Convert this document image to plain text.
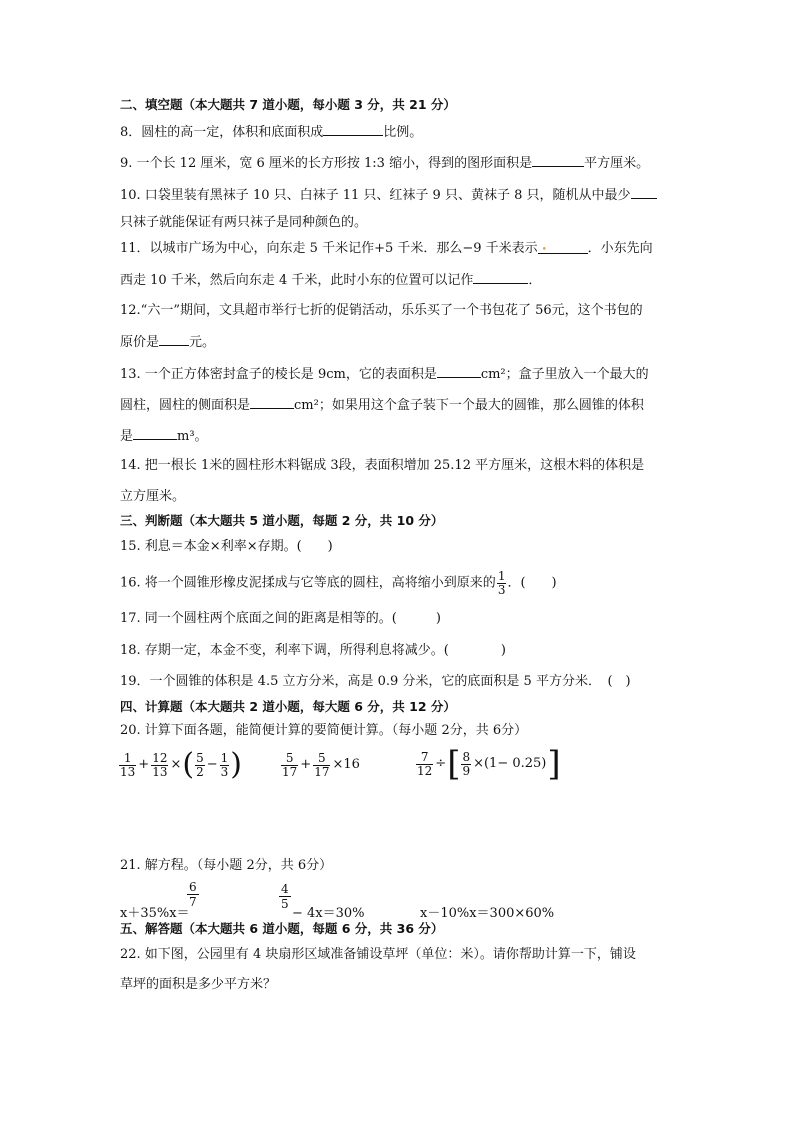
二、填空题（本大题共 7 道小题，每小题 3 分，共 21 分）
8．圆柱的高一定，体积和底面积成	比例。
9. 一个长 12 厘米，宽 6 厘米的长方形按 1:3 缩小，得到的图形面积是	平方厘米。
10. 口袋里装有黑袜子 10 只、白袜子 11 只、红袜子 9 只、黄袜子 8 只，随机从中最少
只袜子就能保证有两只袜子是同种颜色的。
11．以城市广场为中心，向东走 5 千米记作+5 千米．那么−9 千米表示 •	．小东先向
西走 10 千米，然后向东走 4 千米，此时小东的位置可以记作	．
12.“六一”期间，文具超市举行七折的促销活动，乐乐买了一个书包花了 56元，这个书包的
原价是 元。
13. 一个正方体密封盒子的棱长是 9cm，它的表面积是	cm²；盒子里放入一个最大的
圆柱，圆柱的侧面积是	cm²；如果用这个盒子装下一个最大的圆锥，那么圆锥的体积
是	m³。
14. 把一根长 1米的圆柱形木料锯成 3段，表面积增加 25.12 平方厘米，这根木料的体积是
立方厘米。
三、判断题（本大题共 5 道小题，每题 2 分，共 10 分）
15. 利息＝本金×利率×存期。(　　)
16. 将一个圆锥形橡皮泥揉成与它等底的圆柱，高将缩小到原来的 $\frac{1}{3}$ ．(　　)
17. 同一个圆柱两个底面之间的距离是相等的。(　　　)
18. 存期一定，本金不变，利率下调，所得利息将减少。(　　　　)
19．一个圆锥的体积是 4.5 立方分米，高是 0.9 分米，它的底面积是 5 平方分米．　(　)
四、计算题（本大题共 2 道小题，每大题 6 分，共 12 分）
20. 计算下面各题，能简便计算的要简便计算。（每小题 2分，共 6分）
$\frac{1}{13} + \frac{12}{13}$ ×( $\frac{5}{2} - \frac{1}{3}$ )	$\frac{5}{17} + \frac{5}{17} \times 16$	$\frac{7}{12}$ ÷[ $\frac{8}{9} \times(1- 0.25)$]
21. 解方程。（每小题 2分，共 6分）
6
7
x＋35%x＝
4
5
− 4x＝30%	x－10%x＝300×60%
五、解答题（本大题共 6 道小题，每题 6 分，共 36 分）
22. 如下图，公园里有 4 块扇形区域准备铺设草坪（单位：米）。请你帮助计算一下，铺设
草坪的面积是多少平方米？
